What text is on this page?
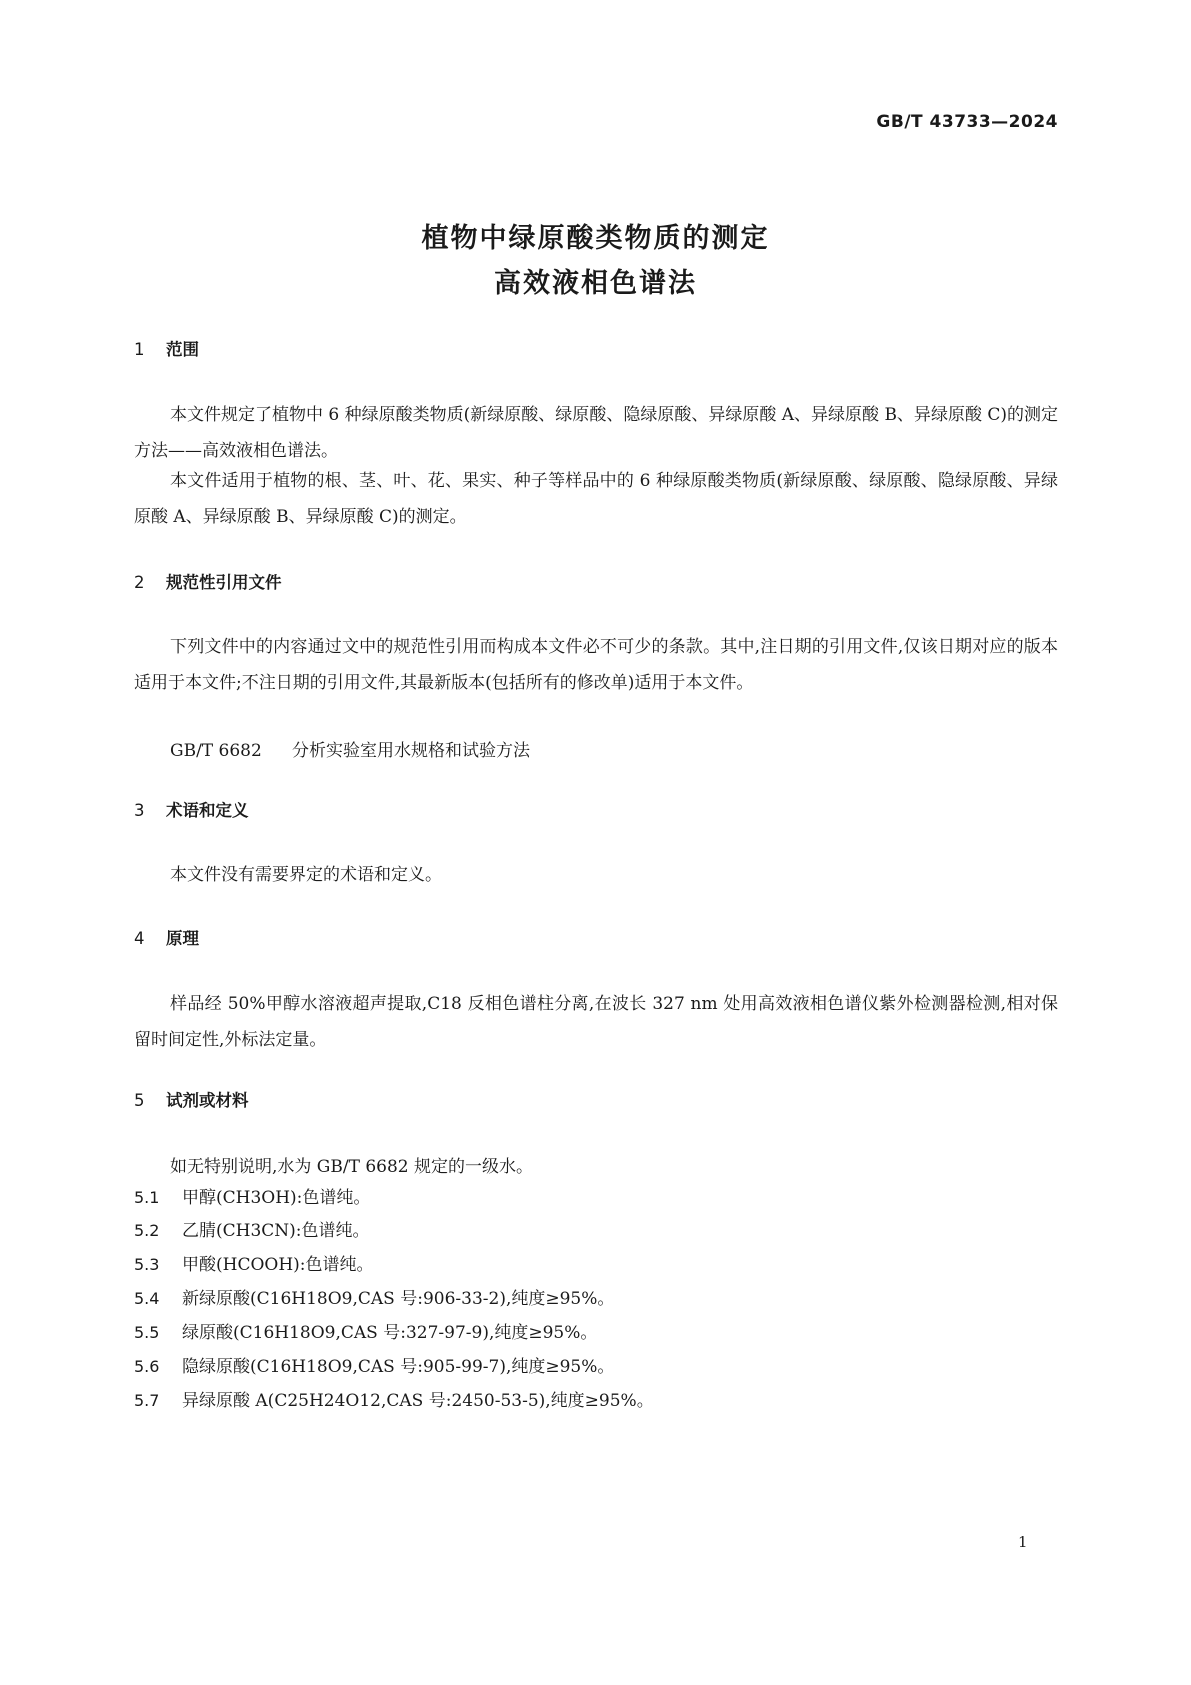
GB/T 43733—2024
植物中绿原酸类物质的测定
高效液相色谱法
1 范围

本文件规定了植物中 6 种绿原酸类物质(新绿原酸、绿原酸、隐绿原酸、异绿原酸 A、异绿原酸 B、异绿原酸 C)的测定方法——高效液相色谱法。

本文件适用于植物的根、茎、叶、花、果实、种子等样品中的 6 种绿原酸类物质(新绿原酸、绿原酸、隐绿原酸、异绿原酸 A、异绿原酸 B、异绿原酸 C)的测定。

2 规范性引用文件

下列文件中的内容通过文中的规范性引用而构成本文件必不可少的条款。其中,注日期的引用文件,仅该日期对应的版本适用于本文件;不注日期的引用文件,其最新版本(包括所有的修改单)适用于本文件。

GB/T 6682 分析实验室用水规格和试验方法
3 术语和定义

本文件没有需要界定的术语和定义。

4 原理

样品经 50%甲醇水溶液超声提取,C18 反相色谱柱分离,在波长 327 nm 处用高效液相色谱仪紫外检测器检测,相对保留时间定性,外标法定量。

5 试剂或材料

如无特别说明,水为 GB/T 6682 规定的一级水。

5.1 甲醇(CH3OH):色谱纯。
5.2 乙腈(CH3CN):色谱纯。
5.3 甲酸(HCOOH):色谱纯。
5.4 新绿原酸(C16H18O9,CAS 号:906-33-2),纯度≥95%。
5.5 绿原酸(C16H18O9,CAS 号:327-97-9),纯度≥95%。
5.6 隐绿原酸(C16H18O9,CAS 号:905-99-7),纯度≥95%。
5.7 异绿原酸 A(C25H24O12,CAS 号:2450-53-5),纯度≥95%。
1
